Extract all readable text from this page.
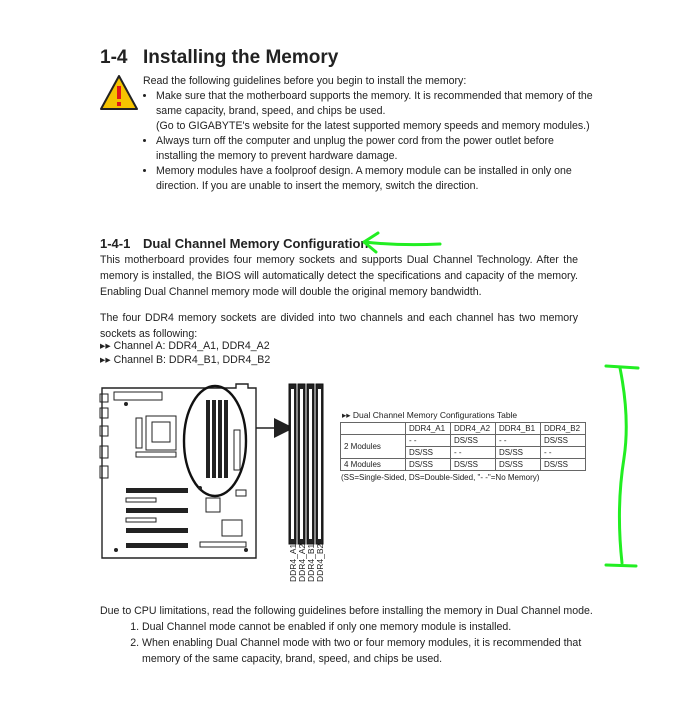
1-4 Installing the Memory
Read the following guidelines before you begin to install the memory:
• Make sure that the motherboard supports the memory. It is recommended that memory of the same capacity, brand, speed, and chips be used.
(Go to GIGABYTE's website for the latest supported memory speeds and memory modules.)
• Always turn off the computer and unplug the power cord from the power outlet before installing the memory to prevent hardware damage.
• Memory modules have a foolproof design. A memory module can be installed in only one direction. If you are unable to insert the memory, switch the direction.
1-4-1 Dual Channel Memory Configuration
This motherboard provides four memory sockets and supports Dual Channel Technology. After the memory is installed, the BIOS will automatically detect the specifications and capacity of the memory. Enabling Dual Channel memory mode will double the original memory bandwidth.
The four DDR4 memory sockets are divided into two channels and each channel has two memory sockets as following:
▸▸ Channel A: DDR4_A1, DDR4_A2
▸▸ Channel B: DDR4_B1, DDR4_B2
DDR4_A1 DDR4_A2 DDR4_B1 DDR4_B2
▸▸ Dual Channel Memory Configurations Table
	DDR4_A1	DDR4_A2	DDR4_B1	DDR4_B2
2 Modules	- -	DS/SS	- -	DS/SS
	DS/SS	- -	DS/SS	- -
4 Modules	DS/SS	DS/SS	DS/SS	DS/SS
(SS=Single-Sided, DS=Double-Sided, "- -"=No Memory)
Due to CPU limitations, read the following guidelines before installing the memory in Dual Channel mode.
1. Dual Channel mode cannot be enabled if only one memory module is installed.
2. When enabling Dual Channel mode with two or four memory modules, it is recommended that memory of the same capacity, brand, speed, and chips be used.
